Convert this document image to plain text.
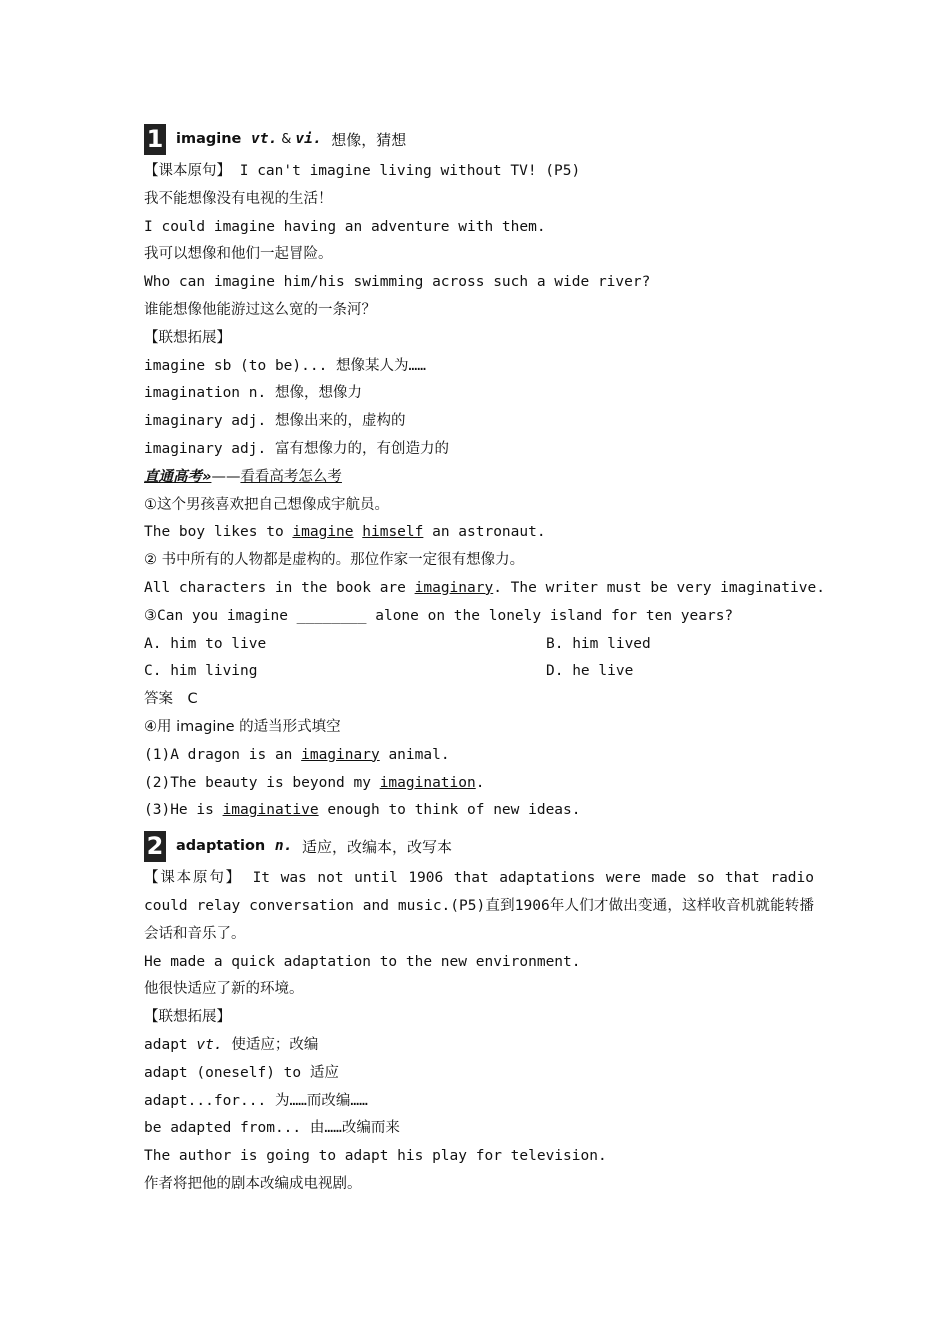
1 imagine
vt. & vi.
想像，猜想
【课本原句】 I can't imagine living without TV! (P5)
我不能想像没有电视的生活！
I could imagine having an adventure with them.
我可以想像和他们一起冒险。
Who can imagine him/his swimming across such a wide river?
谁能想像他能游过这么宽的一条河？
【联想拓展】
imagine sb (to be)... 想像某人为……
imagination n. 想像，想像力
imaginary adj. 想像出来的，虚构的
imaginary adj. 富有想像力的，有创造力的
直通高考»——看看高考怎么考
①这个男孩喜欢把自己想像成宇航员。
The boy likes to imagine himself an astronaut.
② 书中所有的人物都是虚构的。那位作家一定很有想像力。
All characters in the book are imaginary. The writer must be very imaginative.
③Can you imagine ________ alone on the lonely island for ten years?
A. him to live	B. him lived
C. him living	D. he live
答案　C
④用 imagine 的适当形式填空
(1)A dragon is an imaginary animal.
(2)The beauty is beyond my imagination.
(3)He is imaginative enough to think of new ideas.
2 adaptation
n.
适应，改编本，改写本
【课本原句】 It was not until 1906 that adaptations were made so that radio could relay conversation and music.(P5)直到1906年人们才做出变通，这样收音机就能转播会话和音乐了。
He made a quick adaptation to the new environment.
他很快适应了新的环境。
【联想拓展】
adapt vt. 使适应；改编
adapt (oneself) to 适应
adapt...for... 为……而改编……
be adapted from... 由……改编而来
The author is going to adapt his play for television.
作者将把他的剧本改编成电视剧。
